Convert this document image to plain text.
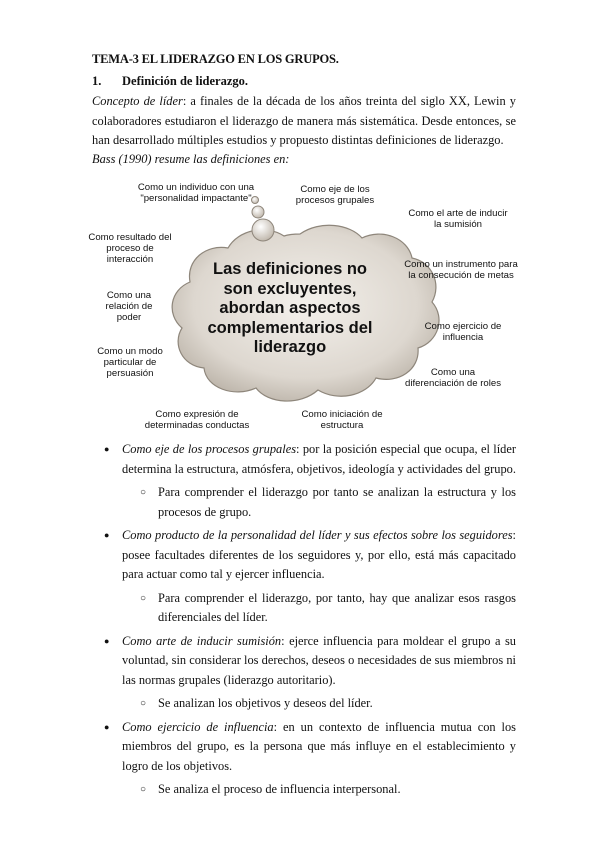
TEMA-3 EL LIDERAZGO EN LOS GRUPOS.
1. Definición de liderazgo.
Concepto de líder: a finales de la década de los años treinta del siglo XX, Lewin y colaboradores estudiaron el liderazgo de manera más sistemática. Desde entonces, se han desarrollado múltiples estudios y propuesto distintas definiciones de liderazgo.
Bass (1990) resume las definiciones en:
Las definiciones no son excluyentes, abordan aspectos complementarios del liderazgo
Como un individuo con una "personalidad impactante"
Como eje de los procesos grupales
Como el arte de inducir la sumisión
Como un instrumento para la consecución de metas
Como ejercicio de influencia
Como una diferenciación de roles
Como iniciación de estructura
Como expresión de determinadas conductas
Como un modo particular de persuasión
Como una relación de poder
Como resultado del proceso de interacción
● Como eje de los procesos grupales: por la posición especial que ocupa, el líder determina la estructura, atmósfera, objetivos, ideología y actividades del grupo.
○ Para comprender el liderazgo por tanto se analizan la estructura y los procesos de grupo.
● Como producto de la personalidad del líder y sus efectos sobre los seguidores: posee facultades diferentes de los seguidores y, por ello, está más capacitado para actuar como tal y ejercer influencia.
○ Para comprender el liderazgo, por tanto, hay que analizar esos rasgos diferenciales del líder.
● Como arte de inducir sumisión: ejerce influencia para moldear el grupo a su voluntad, sin considerar los derechos, deseos o necesidades de sus miembros ni las normas grupales (liderazgo autoritario).
○ Se analizan los objetivos y deseos del líder.
● Como ejercicio de influencia: en un contexto de influencia mutua con los miembros del grupo, es la persona que más influye en el establecimiento y logro de los objetivos.
○ Se analiza el proceso de influencia interpersonal.
